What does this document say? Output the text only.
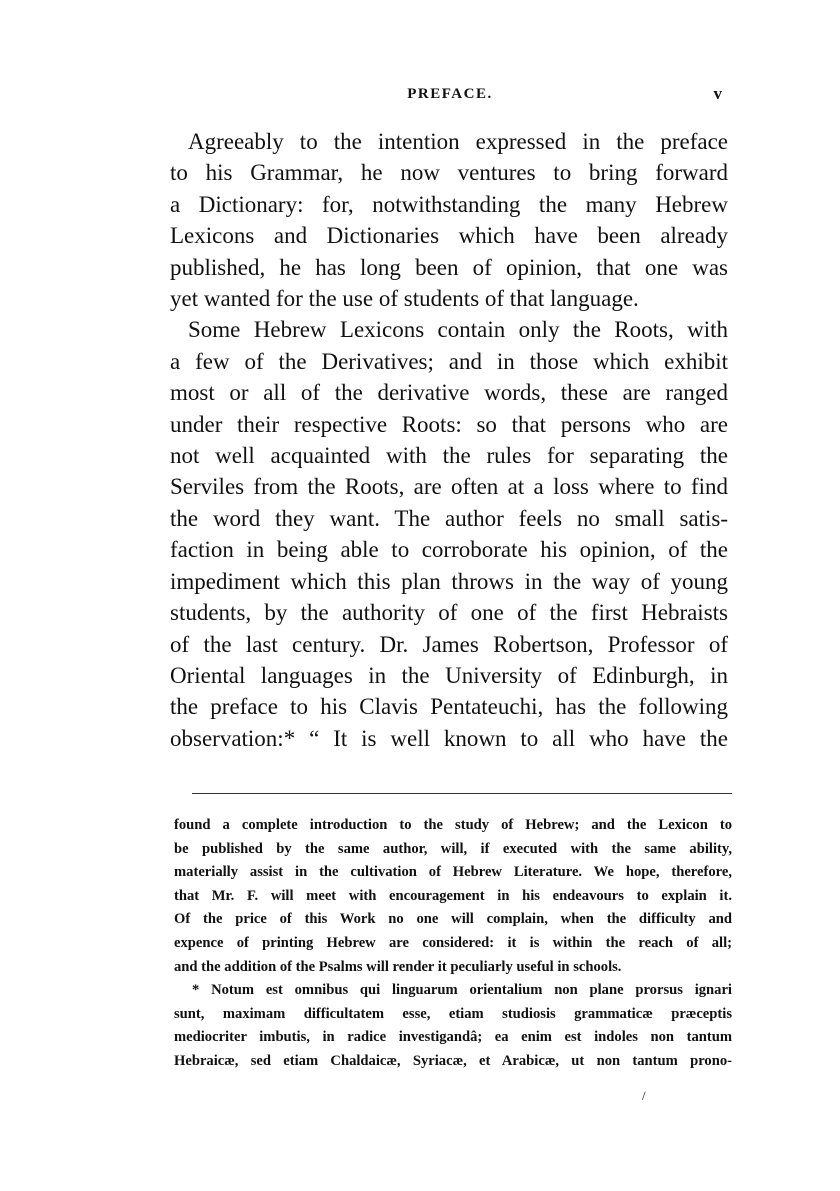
PREFACE.	v
Agreeably to the intention expressed in the preface
to his Grammar, he now ventures to bring forward
a Dictionary: for, notwithstanding the many Hebrew
Lexicons and Dictionaries which have been already
published, he has long been of opinion, that one was
yet wanted for the use of students of that language.
Some Hebrew Lexicons contain only the Roots, with
a few of the Derivatives; and in those which exhibit
most or all of the derivative words, these are ranged
under their respective Roots: so that persons who are
not well acquainted with the rules for separating the
Serviles from the Roots, are often at a loss where to find
the word they want. The author feels no small satis-
faction in being able to corroborate his opinion, of the
impediment which this plan throws in the way of young
students, by the authority of one of the first Hebraists
of the last century. Dr. James Robertson, Professor of
Oriental languages in the University of Edinburgh, in
the preface to his Clavis Pentateuchi, has the following
observation:* “ It is well known to all who have the
found a complete introduction to the study of Hebrew; and the Lexicon to
be published by the same author, will, if executed with the same ability,
materially assist in the cultivation of Hebrew Literature. We hope, therefore,
that Mr. F. will meet with encouragement in his endeavours to explain it.
Of the price of this Work no one will complain, when the difficulty and
expence of printing Hebrew are considered: it is within the reach of all;
and the addition of the Psalms will render it peculiarly useful in schools.
* Notum est omnibus qui linguarum orientalium non plane prorsus ignari
sunt, maximam difficultatem esse, etiam studiosis grammaticæ præceptis
mediocriter imbutis, in radice investigandâ; ea enim est indoles non tantum
Hebraicæ, sed etiam Chaldaicæ, Syriacæ, et Arabicæ, ut non tantum prono-
/
